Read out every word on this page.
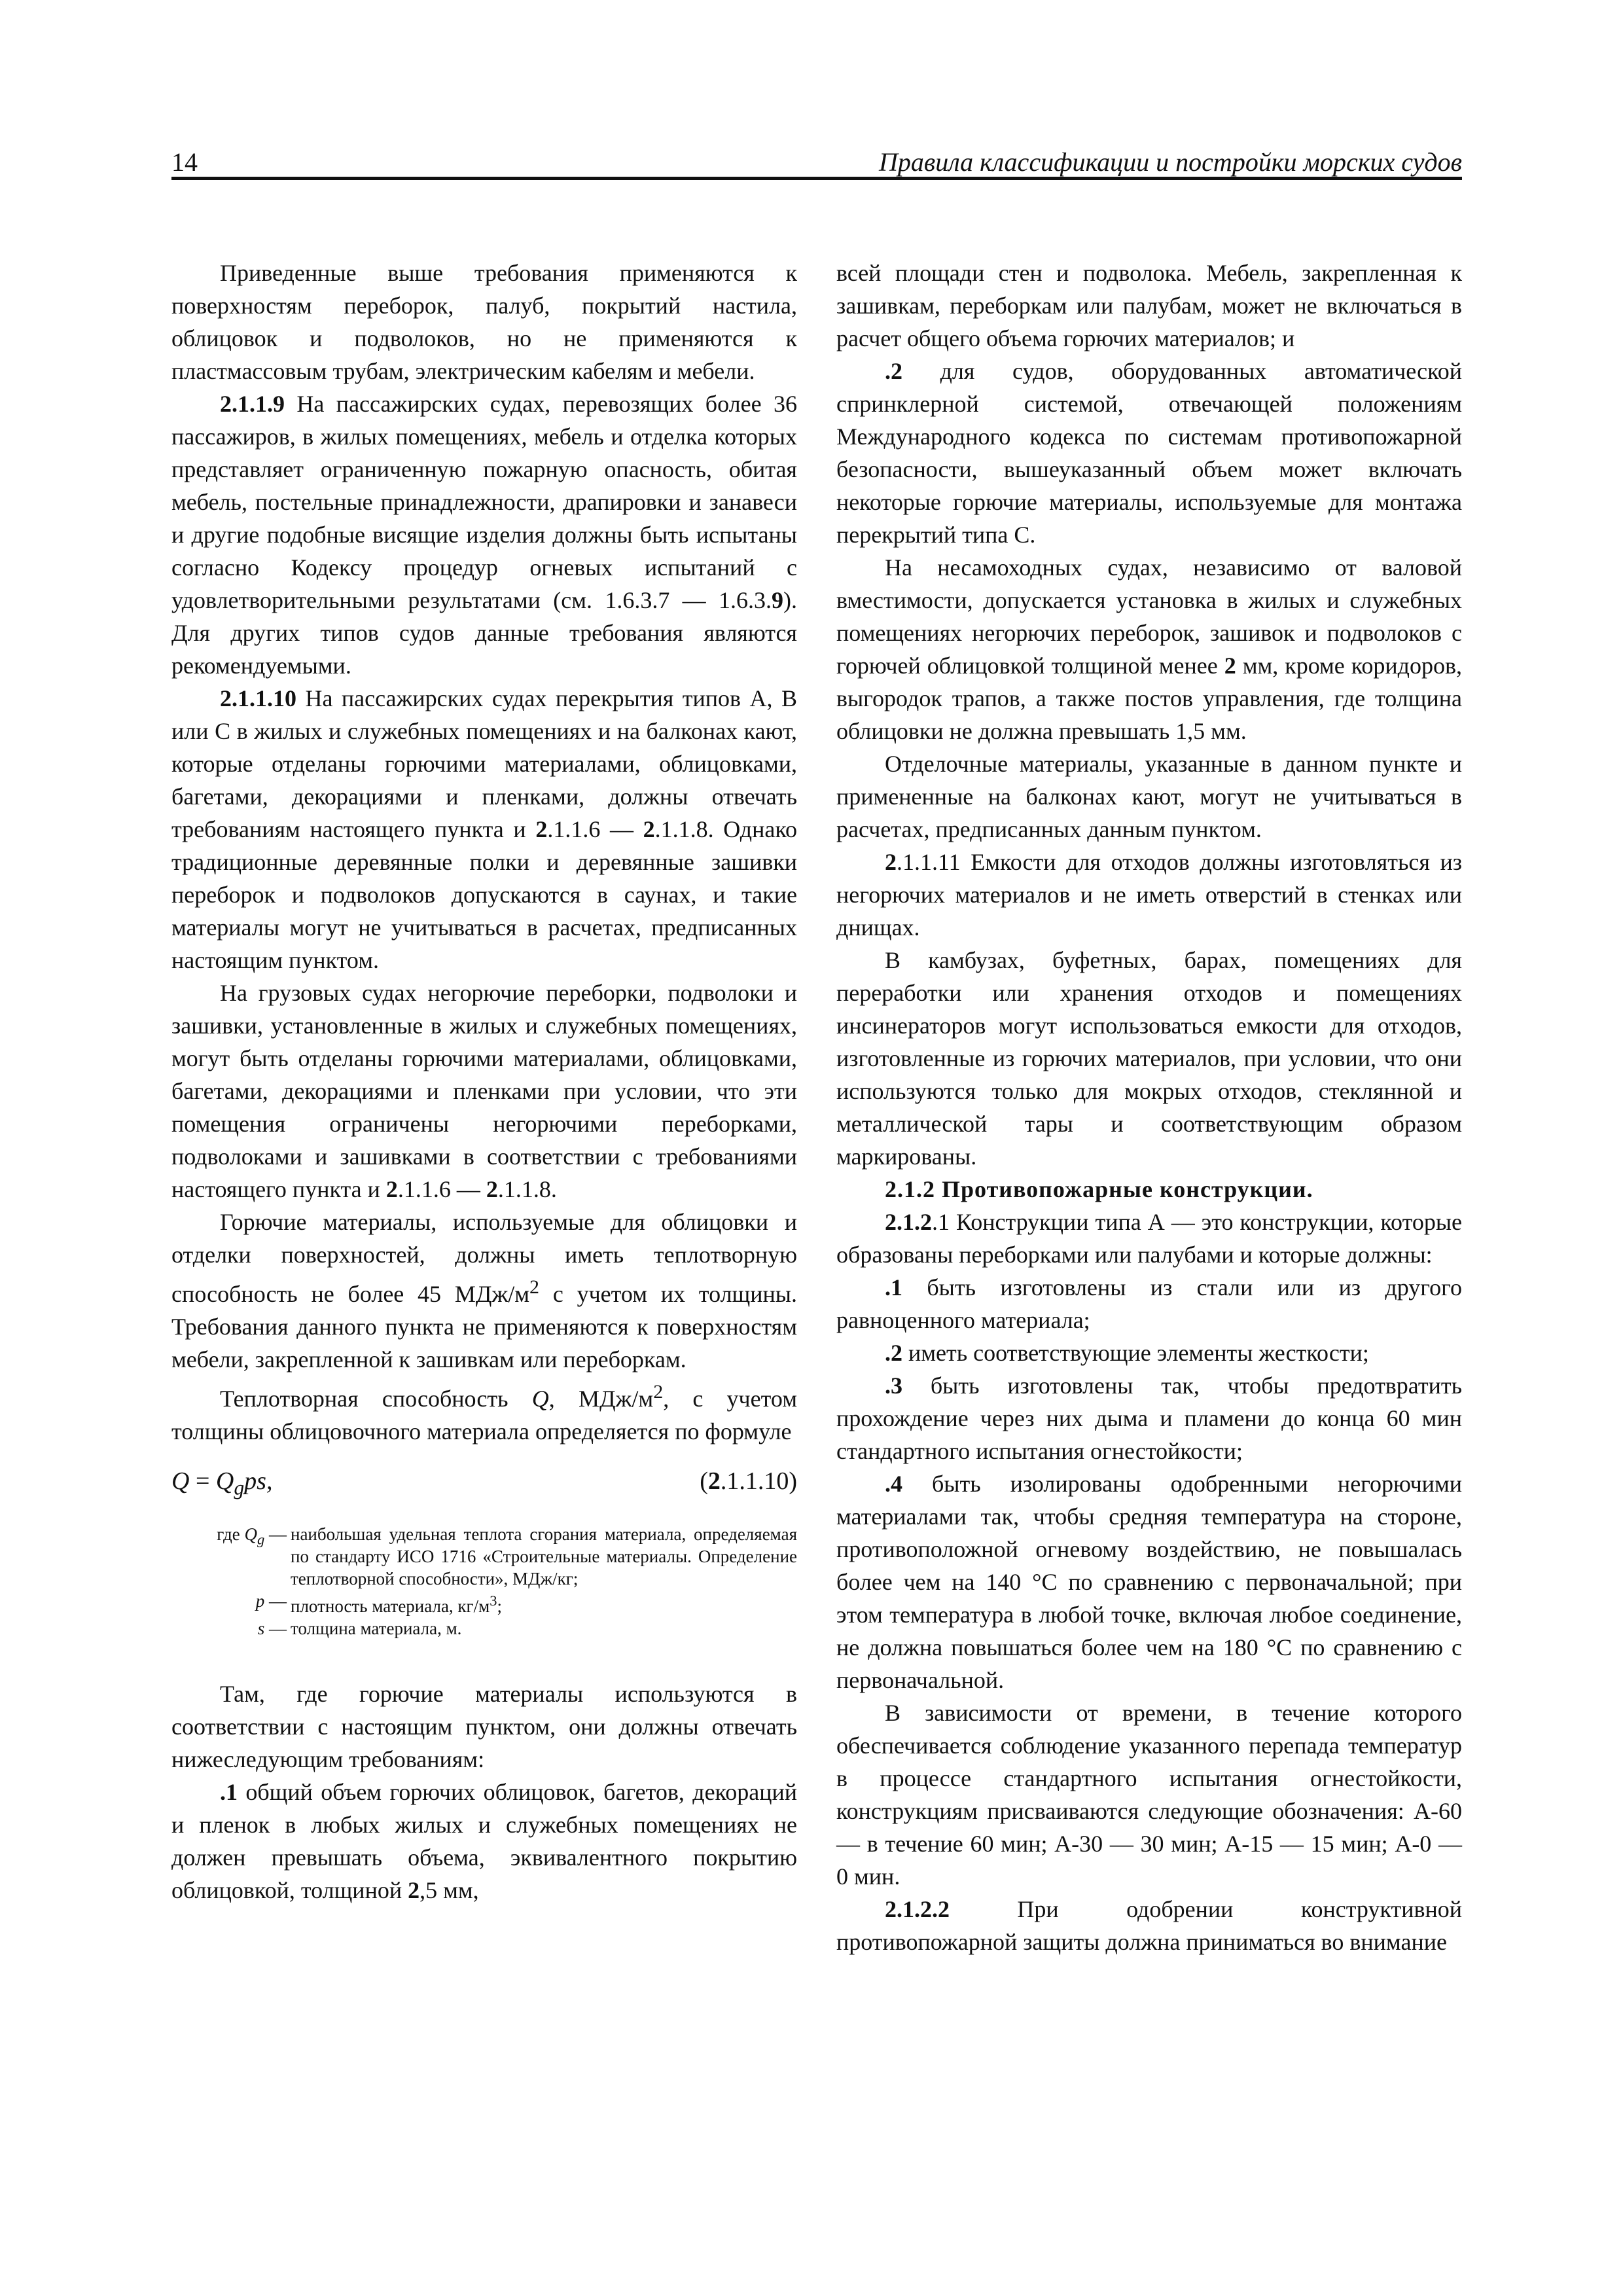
14	Правила классификации и постройки морских судов

Приведенные выше требования применяются к поверхностям переборок, палуб, покрытий настила, облицовок и подволоков, но не применяются к пластмассовым трубам, электрическим кабелям и мебели.

2.1.1.9 На пассажирских судах, перевозящих более 36 пассажиров, в жилых помещениях, мебель и отделка которых представляет ограниченную пожарную опасность, обитая мебель, постельные принадлежности, драпировки и занавеси и другие подобные висящие изделия должны быть испытаны согласно Кодексу процедур огневых испытаний с удовлетворительными результатами (см. 1.6.3.7 — 1.6.3.9). Для других типов судов данные требования являются рекомендуемыми.

2.1.1.10 На пассажирских судах перекрытия типов А, В или С в жилых и служебных помещениях и на балконах кают, которые отделаны горючими материалами, облицовками, багетами, декорациями и пленками, должны отвечать требованиям настоящего пункта и 2.1.1.6 — 2.1.1.8. Однако традиционные деревянные полки и деревянные зашивки переборок и подволоков допускаются в саунах, и такие материалы могут не учитываться в расчетах, предписанных настоящим пунктом.

На грузовых судах негорючие переборки, подволоки и зашивки, установленные в жилых и служебных помещениях, могут быть отделаны горючими материалами, облицовками, багетами, декорациями и пленками при условии, что эти помещения ограничены негорючими переборками, подволоками и зашивками в соответствии с требованиями настоящего пункта и 2.1.1.6 — 2.1.1.8.

Горючие материалы, используемые для облицовки и отделки поверхностей, должны иметь теплотворную способность не более 45 МДж/$м^2$ с учетом их толщины. Требования данного пункта не применяются к поверхностям мебели, закрепленной к зашивкам или переборкам.

Теплотворная способность Q, МДж/$м^2$, с учетом толщины облицовочного материала определяется по формуле

$Q = Q_gps$,	(2.1.1.10)
где $Q_g$ — наибольшая удельная теплота сгорания материала, определяемая по стандарту ИСО 1716 «Строительные материалы. Определение теплотворной способности», МДж/кг;
p — плотность материала, $кг/м^3$;
s — толщина материала, м.

Там, где горючие материалы используются в соответствии с настоящим пунктом, они должны отвечать нижеследующим требованиям:

.1 общий объем горючих облицовок, багетов, декораций и пленок в любых жилых и служебных помещениях не должен превышать объема, эквивалентного покрытию облицовкой, толщиной 2,5 мм,

всей площади стен и подволока. Мебель, закрепленная к зашивкам, переборкам или палубам, может не включаться в расчет общего объема горючих материалов; и

.2 для судов, оборудованных автоматической спринклерной системой, отвечающей положениям Международного кодекса по системам противопожарной безопасности, вышеуказанный объем может включать некоторые горючие материалы, используемые для монтажа перекрытий типа С.

На несамоходных судах, независимо от валовой вместимости, допускается установка в жилых и служебных помещениях негорючих переборок, зашивок и подволоков с горючей облицовкой толщиной менее 2 мм, кроме коридоров, выгородок трапов, а также постов управления, где толщина облицовки не должна превышать 1,5 мм.

Отделочные материалы, указанные в данном пункте и примененные на балконах кают, могут не учитываться в расчетах, предписанных данным пунктом.

2.1.1.11 Емкости для отходов должны изготовляться из негорючих материалов и не иметь отверстий в стенках или днищах.

В камбузах, буфетных, барах, помещениях для переработки или хранения отходов и помещениях инсинераторов могут использоваться емкости для отходов, изготовленные из горючих материалов, при условии, что они используются только для мокрых отходов, стеклянной и металлической тары и соответствующим образом маркированы.

2.1.2 Противопожарные конструкции.

2.1.2.1 Конструкции типа А — это конструкции, которые образованы переборками или палубами и которые должны:

.1 быть изготовлены из стали или из другого равноценного материала;

.2 иметь соответствующие элементы жесткости;

.3 быть изготовлены так, чтобы предотвратить прохождение через них дыма и пламени до конца 60 мин стандартного испытания огнестойкости;

.4 быть изолированы одобренными негорючими материалами так, чтобы средняя температура на стороне, противоположной огневому воздействию, не повышалась более чем на 140 °С по сравнению с первоначальной; при этом температура в любой точке, включая любое соединение, не должна повышаться более чем на 180 °С по сравнению с первоначальной.

В зависимости от времени, в течение которого обеспечивается соблюдение указанного перепада температур в процессе стандартного испытания огнестойкости, конструкциям присваиваются следующие обозначения: А-60 — в течение 60 мин; А-30 — 30 мин; А-15 — 15 мин; А-0 — 0 мин.

2.1.2.2 При одобрении конструктивной противопожарной защиты должна приниматься во внимание
